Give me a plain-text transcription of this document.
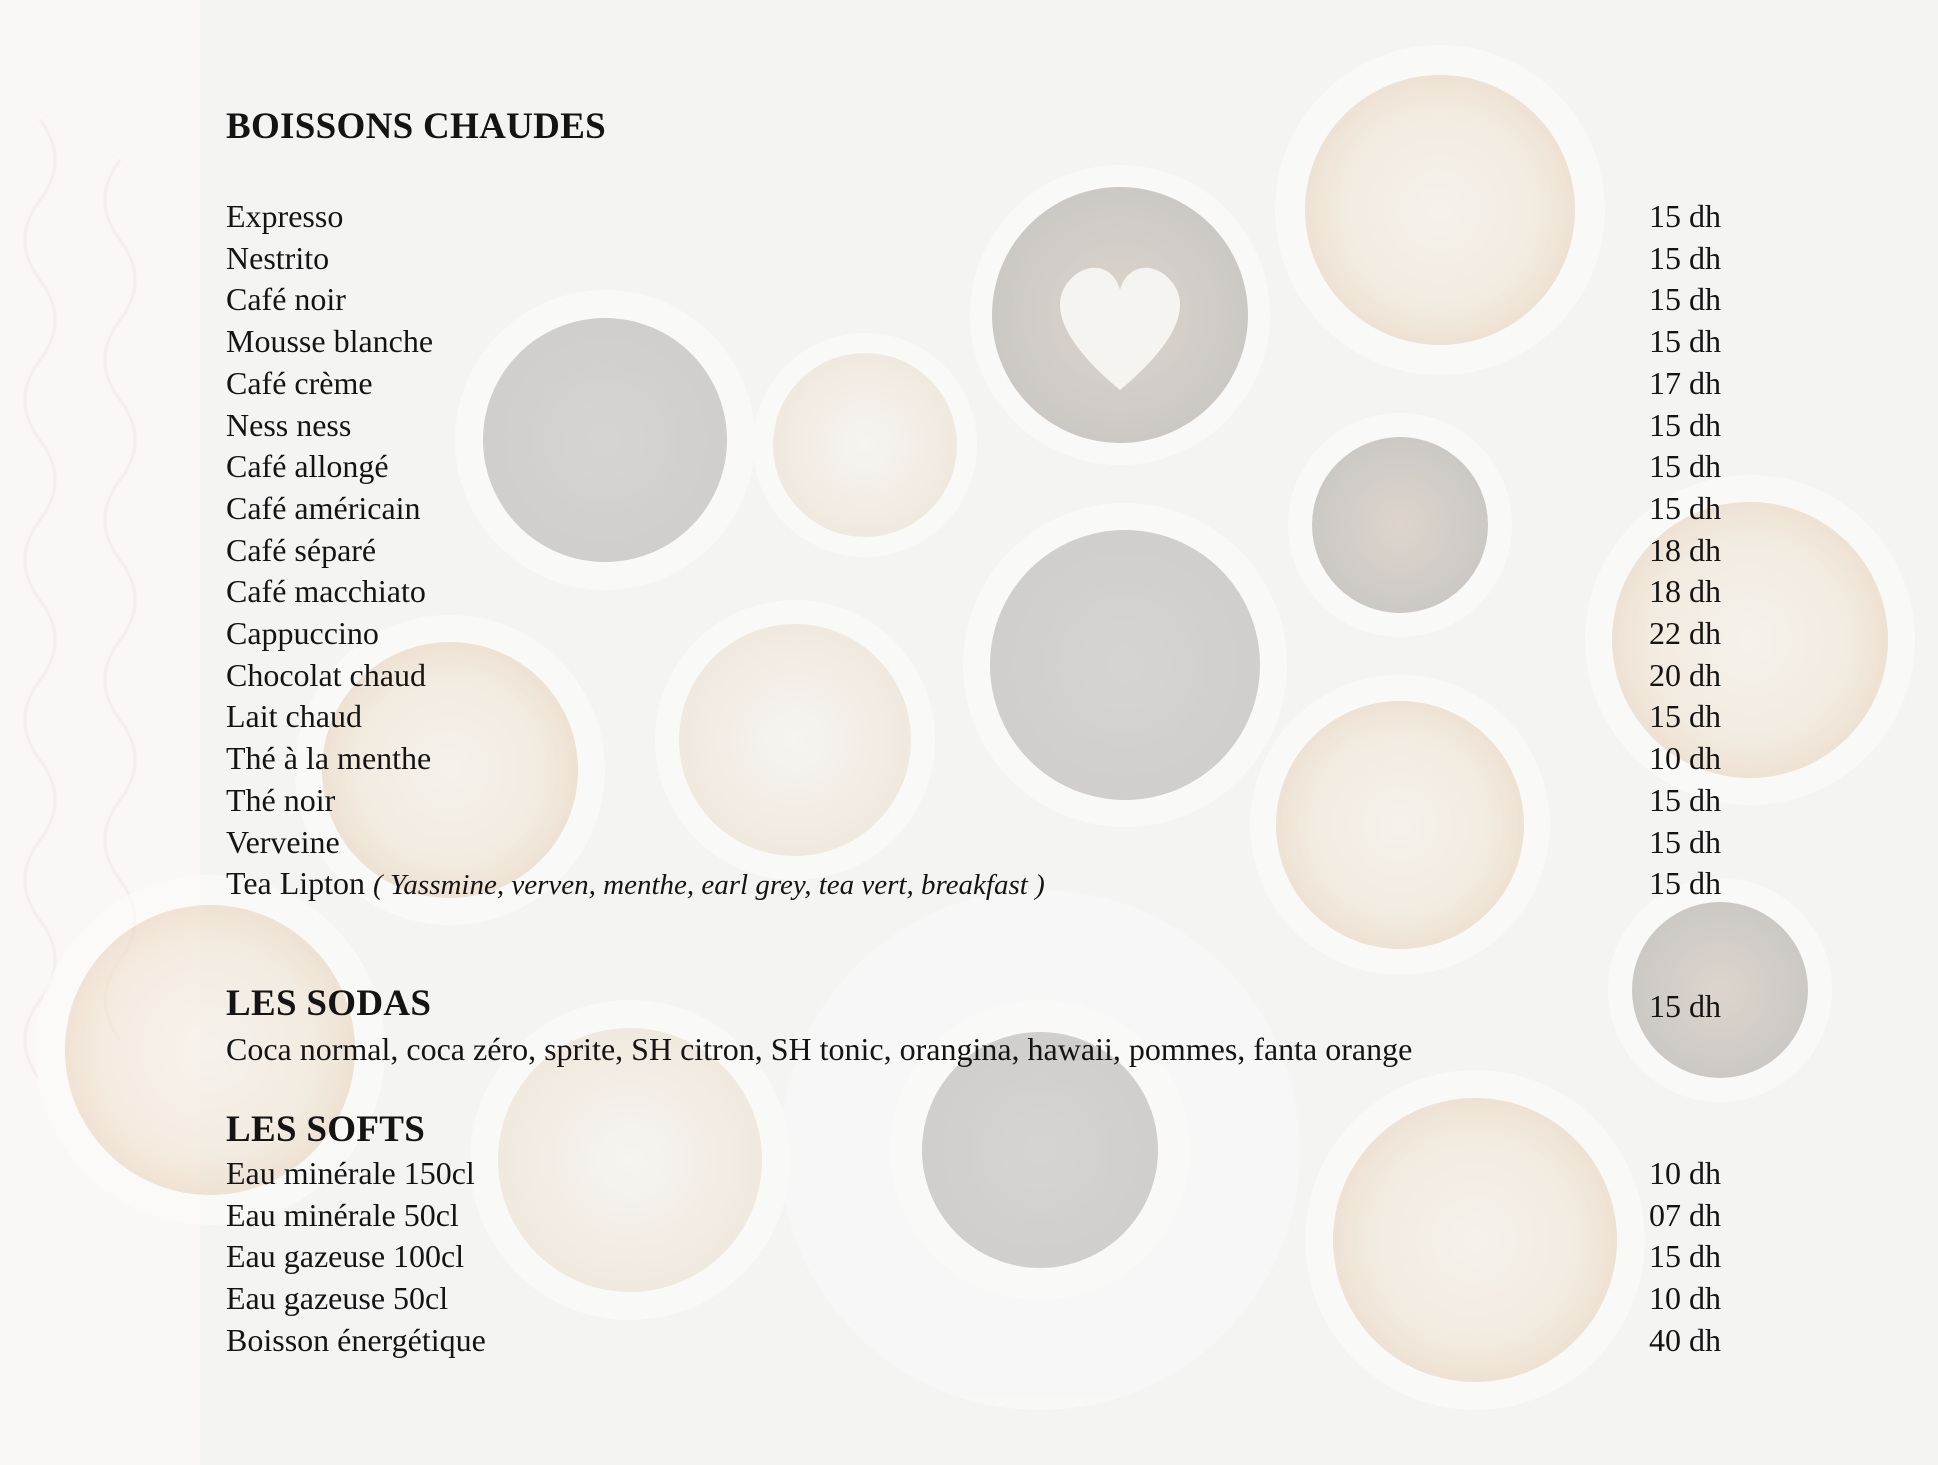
BOISSONS CHAUDES
Expresso	15 dh
Nestrito	15 dh
Café noir	15 dh
Mousse blanche	15 dh
Café crème	17 dh
Ness ness	15 dh
Café allongé	15 dh
Café américain	15 dh
Café séparé	18 dh
Café macchiato	18 dh
Cappuccino	22 dh
Chocolat chaud	20 dh
Lait chaud	15 dh
Thé à la menthe	10 dh
Thé noir	15 dh
Verveine	15 dh
Tea Lipton ( Yassmine, verven, menthe, earl grey, tea vert, breakfast )	15 dh
LES SODAS	15 dh
Coca normal, coca zéro, sprite, SH citron, SH tonic, orangina, hawaii, pommes, fanta orange
LES SOFTS
Eau minérale 150cl	10 dh
Eau minérale 50cl	07 dh
Eau gazeuse 100cl	15 dh
Eau gazeuse 50cl	10 dh
Boisson énergétique	40 dh
